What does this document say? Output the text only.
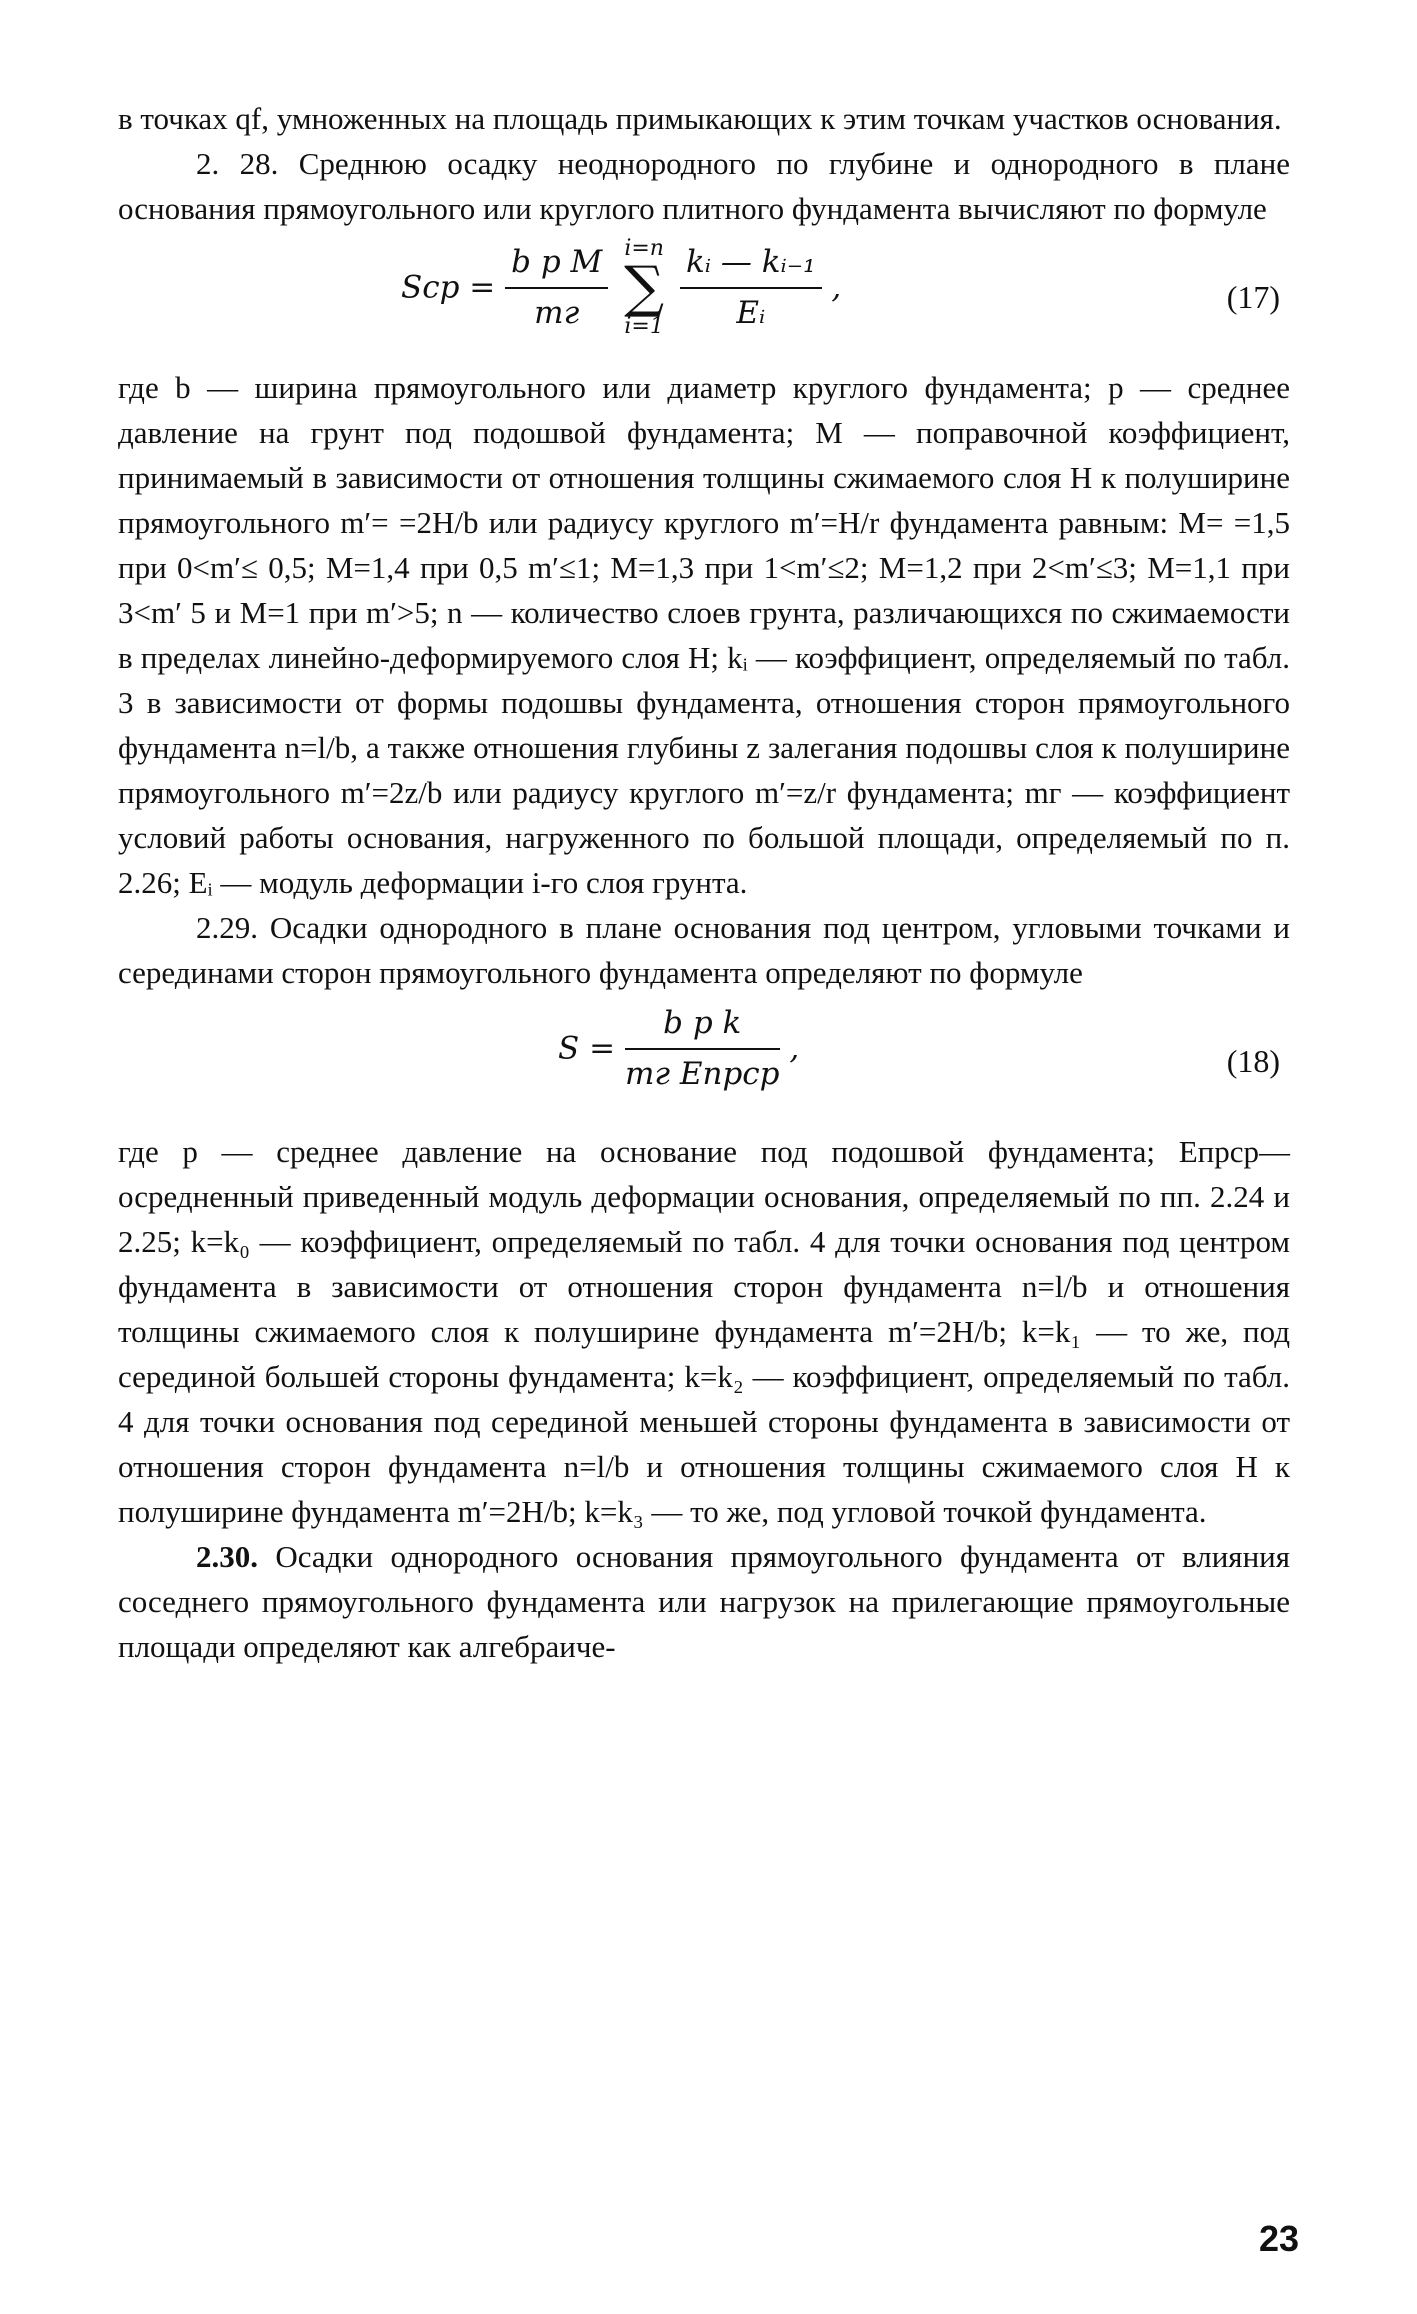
в точках qf, умноженных на площадь примыкающих к этим точкам участков основания.

2. 28. Среднюю осадку неоднородного по глубине и однородного в плане основания прямоугольного или круглого плитного фундамента вычисляют по формуле

Sср = $\frac{\text{b p M}}{mг} i=n$
∑
$i=1 \frac{\text{kᵢ — kᵢ₋₁}}{\text{Eᵢ}}$ ,	(17)

где b — ширина прямоугольного или диаметр круглого фундамента; p — среднее давление на грунт под подошвой фундамента; M — поправочной коэффициент, принимаемый в зависимости от отношения толщины сжимаемого слоя H к полуширине прямоугольного m′= =2H/b или радиусу круглого m′=H/r фундамента равным: M= =1,5 при 0<m′≤ 0,5; M=1,4 при 0,5 m′≤1; M=1,3 при 1<m′≤2; M=1,2 при 2<m′≤3; M=1,1 при 3<m′ 5 и M=1 при m′>5; n — количество слоев грунта, различающихся по сжимаемости в пределах линейно-деформируемого слоя H; kᵢ — коэффициент, определяемый по табл. 3 в зависимости от формы подошвы фундамента, отношения сторон прямоугольного фундамента n=l/b, а также отношения глубины z залегания подошвы слоя к полуширине прямоугольного m′=2z/b или радиусу круглого m′=z/r фундамента; mг — коэффициент условий работы основания, нагруженного по большой площади, определяемый по п. 2.26; Eᵢ — модуль деформации i-го слоя грунта.

2.29. Осадки однородного в плане основания под центром, угловыми точками и серединами сторон прямоугольного фундамента определяют по формуле

$S = \frac{\text{b p k}}{\text{mг Eпрср}}$ ,	(18)

где p — среднее давление на основание под подошвой фундамента; Eпрср— осредненный приведенный модуль деформации основания, определяемый по пп. 2.24 и 2.25; k=k₀ — коэффициент, определяемый по табл. 4 для точки основания под центром фундамента в зависимости от отношения сторон фундамента n=l/b и отношения толщины сжимаемого слоя к полуширине фундамента m′=2H/b; k=k₁ — то же, под серединой большей стороны фундамента; k=k₂ — коэффициент, определяемый по табл. 4 для точки основания под серединой меньшей стороны фундамента в зависимости от отношения сторон фундамента n=l/b и отношения толщины сжимаемого слоя H к полуширине фундамента m′=2H/b; k=k₃ — то же, под угловой точкой фундамента.

2.30. Осадки однородного основания прямоугольного фундамента от влияния соседнего прямоугольного фундамента или нагрузок на прилегающие прямоугольные площади определяют как алгебраиче-

23
